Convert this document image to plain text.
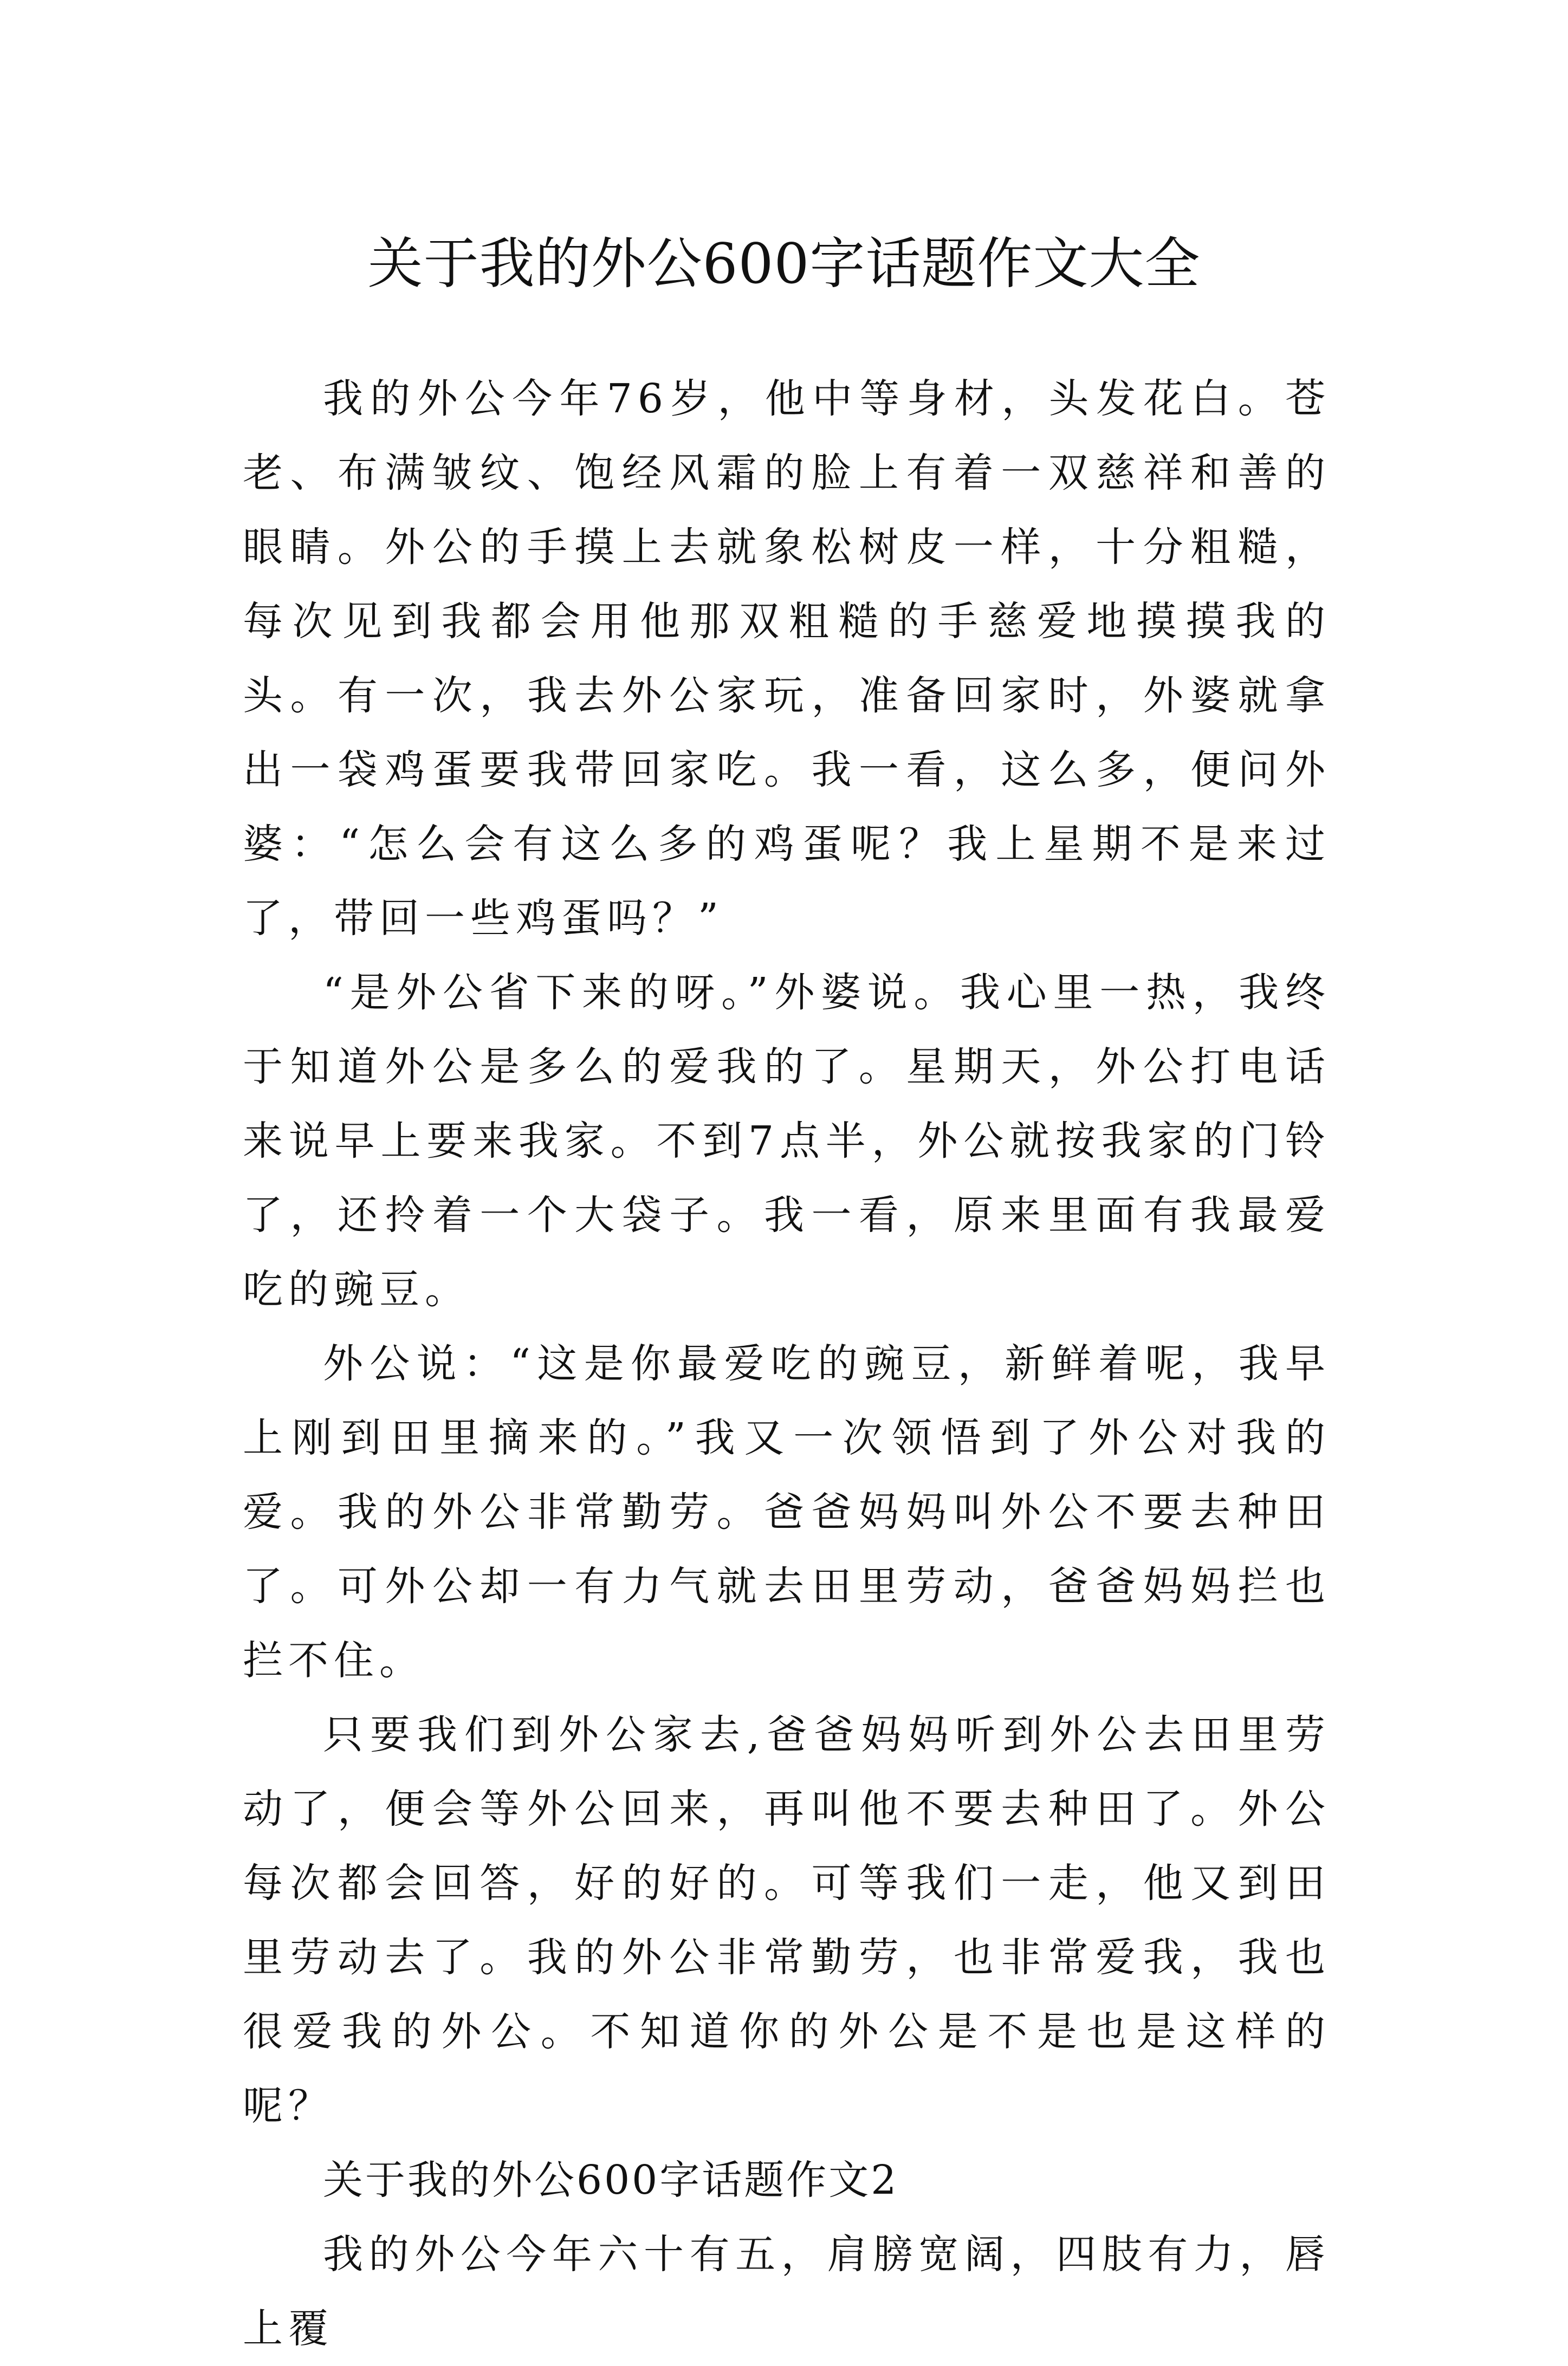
关于我的外公600字话题作文大全

我的外公今年76岁，他中等身材，头发花白。苍老、布满皱纹、饱经风霜的脸上有着一双慈祥和善的眼睛。外公的手摸上去就象松树皮一样，十分粗糙，每次见到我都会用他那双粗糙的手慈爱地摸摸我的头。有一次，我去外公家玩，准备回家时，外婆就拿出一袋鸡蛋要我带回家吃。我一看，这么多，便问外婆：“怎么会有这么多的鸡蛋呢？我上星期不是来过了，带回一些鸡蛋吗？”

“是外公省下来的呀。”外婆说。我心里一热，我终于知道外公是多么的爱我的了。星期天，外公打电话来说早上要来我家。不到7点半，外公就按我家的门铃了，还拎着一个大袋子。我一看，原来里面有我最爱吃的豌豆。

外公说：“这是你最爱吃的豌豆，新鲜着呢，我早上刚到田里摘来的。”我又一次领悟到了外公对我的爱。我的外公非常勤劳。爸爸妈妈叫外公不要去种田了。可外公却一有力气就去田里劳动，爸爸妈妈拦也拦不住。

只要我们到外公家去,爸爸妈妈听到外公去田里劳动了，便会等外公回来，再叫他不要去种田了。外公每次都会回答，好的好的。可等我们一走，他又到田里劳动去了。我的外公非常勤劳，也非常爱我，我也很爱我的外公。不知道你的外公是不是也是这样的呢？

关于我的外公600字话题作文2

我的外公今年六十有五，肩膀宽阔，四肢有力，唇上覆
